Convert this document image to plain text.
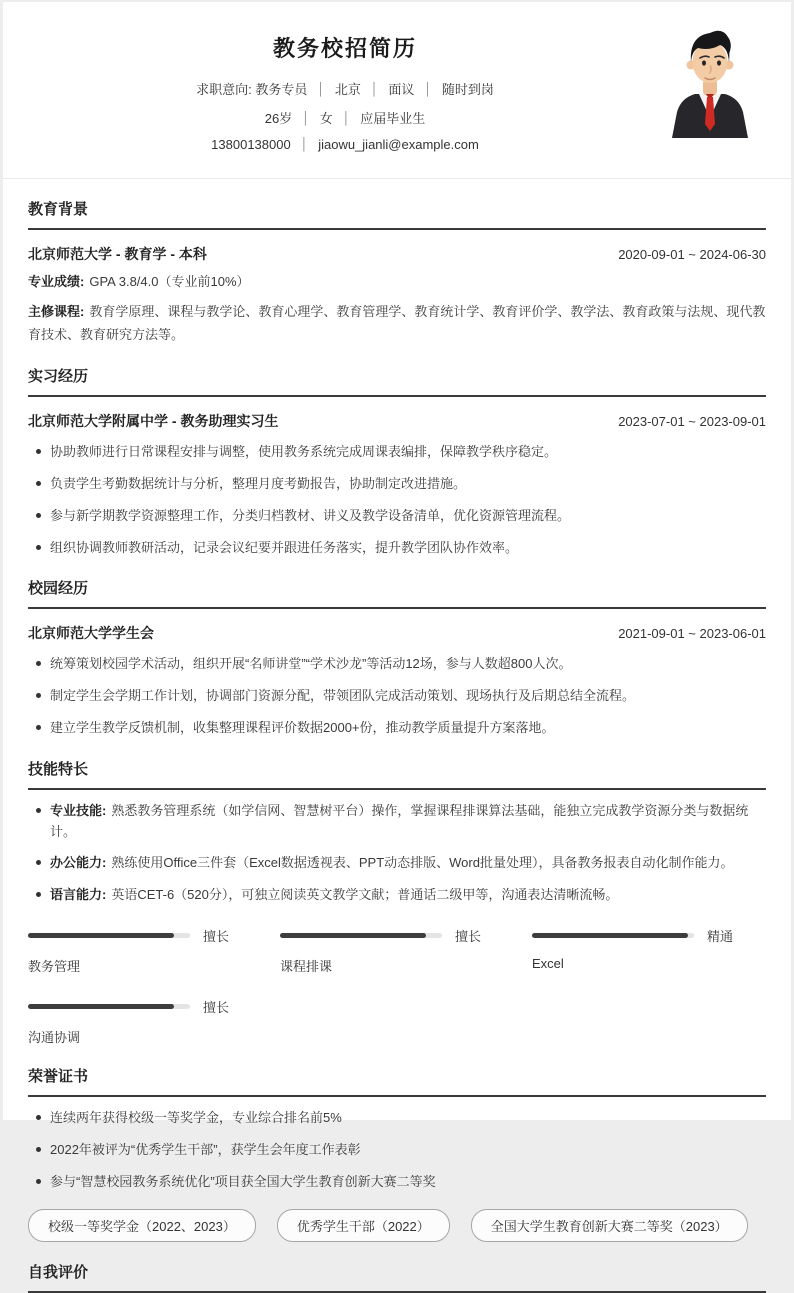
教务校招简历
求职意向: 教务专员 │ 北京 │ 面议 │ 随时到岗
26岁 │ 女 │ 应届毕业生
13800138000 │ jiaowu_jianli@example.com
教育背景
北京师范大学 - 教育学 - 本科	2020-09-01 ~ 2024-06-30
专业成绩: GPA 3.8/4.0（专业前10%）
主修课程: 教育学原理、课程与教学论、教育心理学、教育管理学、教育统计学、教育评价学、教学法、教育政策与法规、现代教育技术、教育研究方法等。
实习经历
北京师范大学附属中学 - 教务助理实习生	2023-07-01 ~ 2023-09-01
协助教师进行日常课程安排与调整，使用教务系统完成周课表编排，保障教学秩序稳定。
负责学生考勤数据统计与分析，整理月度考勤报告，协助制定改进措施。
参与新学期教学资源整理工作，分类归档教材、讲义及教学设备清单，优化资源管理流程。
组织协调教师教研活动，记录会议纪要并跟进任务落实，提升教学团队协作效率。
校园经历
北京师范大学学生会	2021-09-01 ~ 2023-06-01
统筹策划校园学术活动，组织开展“名师讲堂”“学术沙龙”等活动12场，参与人数超800人次。
制定学生会学期工作计划，协调部门资源分配，带领团队完成活动策划、现场执行及后期总结全流程。
建立学生教学反馈机制，收集整理课程评价数据2000+份，推动教学质量提升方案落地。
技能特长
专业技能: 熟悉教务管理系统（如学信网、智慧树平台）操作，掌握课程排课算法基础，能独立完成教学资源分类与数据统计。
办公能力: 熟练使用Office三件套（Excel数据透视表、PPT动态排版、Word批量处理），具备教务报表自动化制作能力。
语言能力: 英语CET-6（520分），可独立阅读英文教学文献；普通话二级甲等，沟通表达清晰流畅。
擅长
教务管理
擅长
课程排课
精通
Excel
擅长
沟通协调
荣誉证书
连续两年获得校级一等奖学金，专业综合排名前5%
2022年被评为“优秀学生干部”，获学生会年度工作表彰
参与“智慧校园教务系统优化”项目获全国大学生教育创新大赛二等奖
校级一等奖学金（2022、2023）	优秀学生干部（2022）	全国大学生教育创新大赛二等奖（2023）
自我评价
